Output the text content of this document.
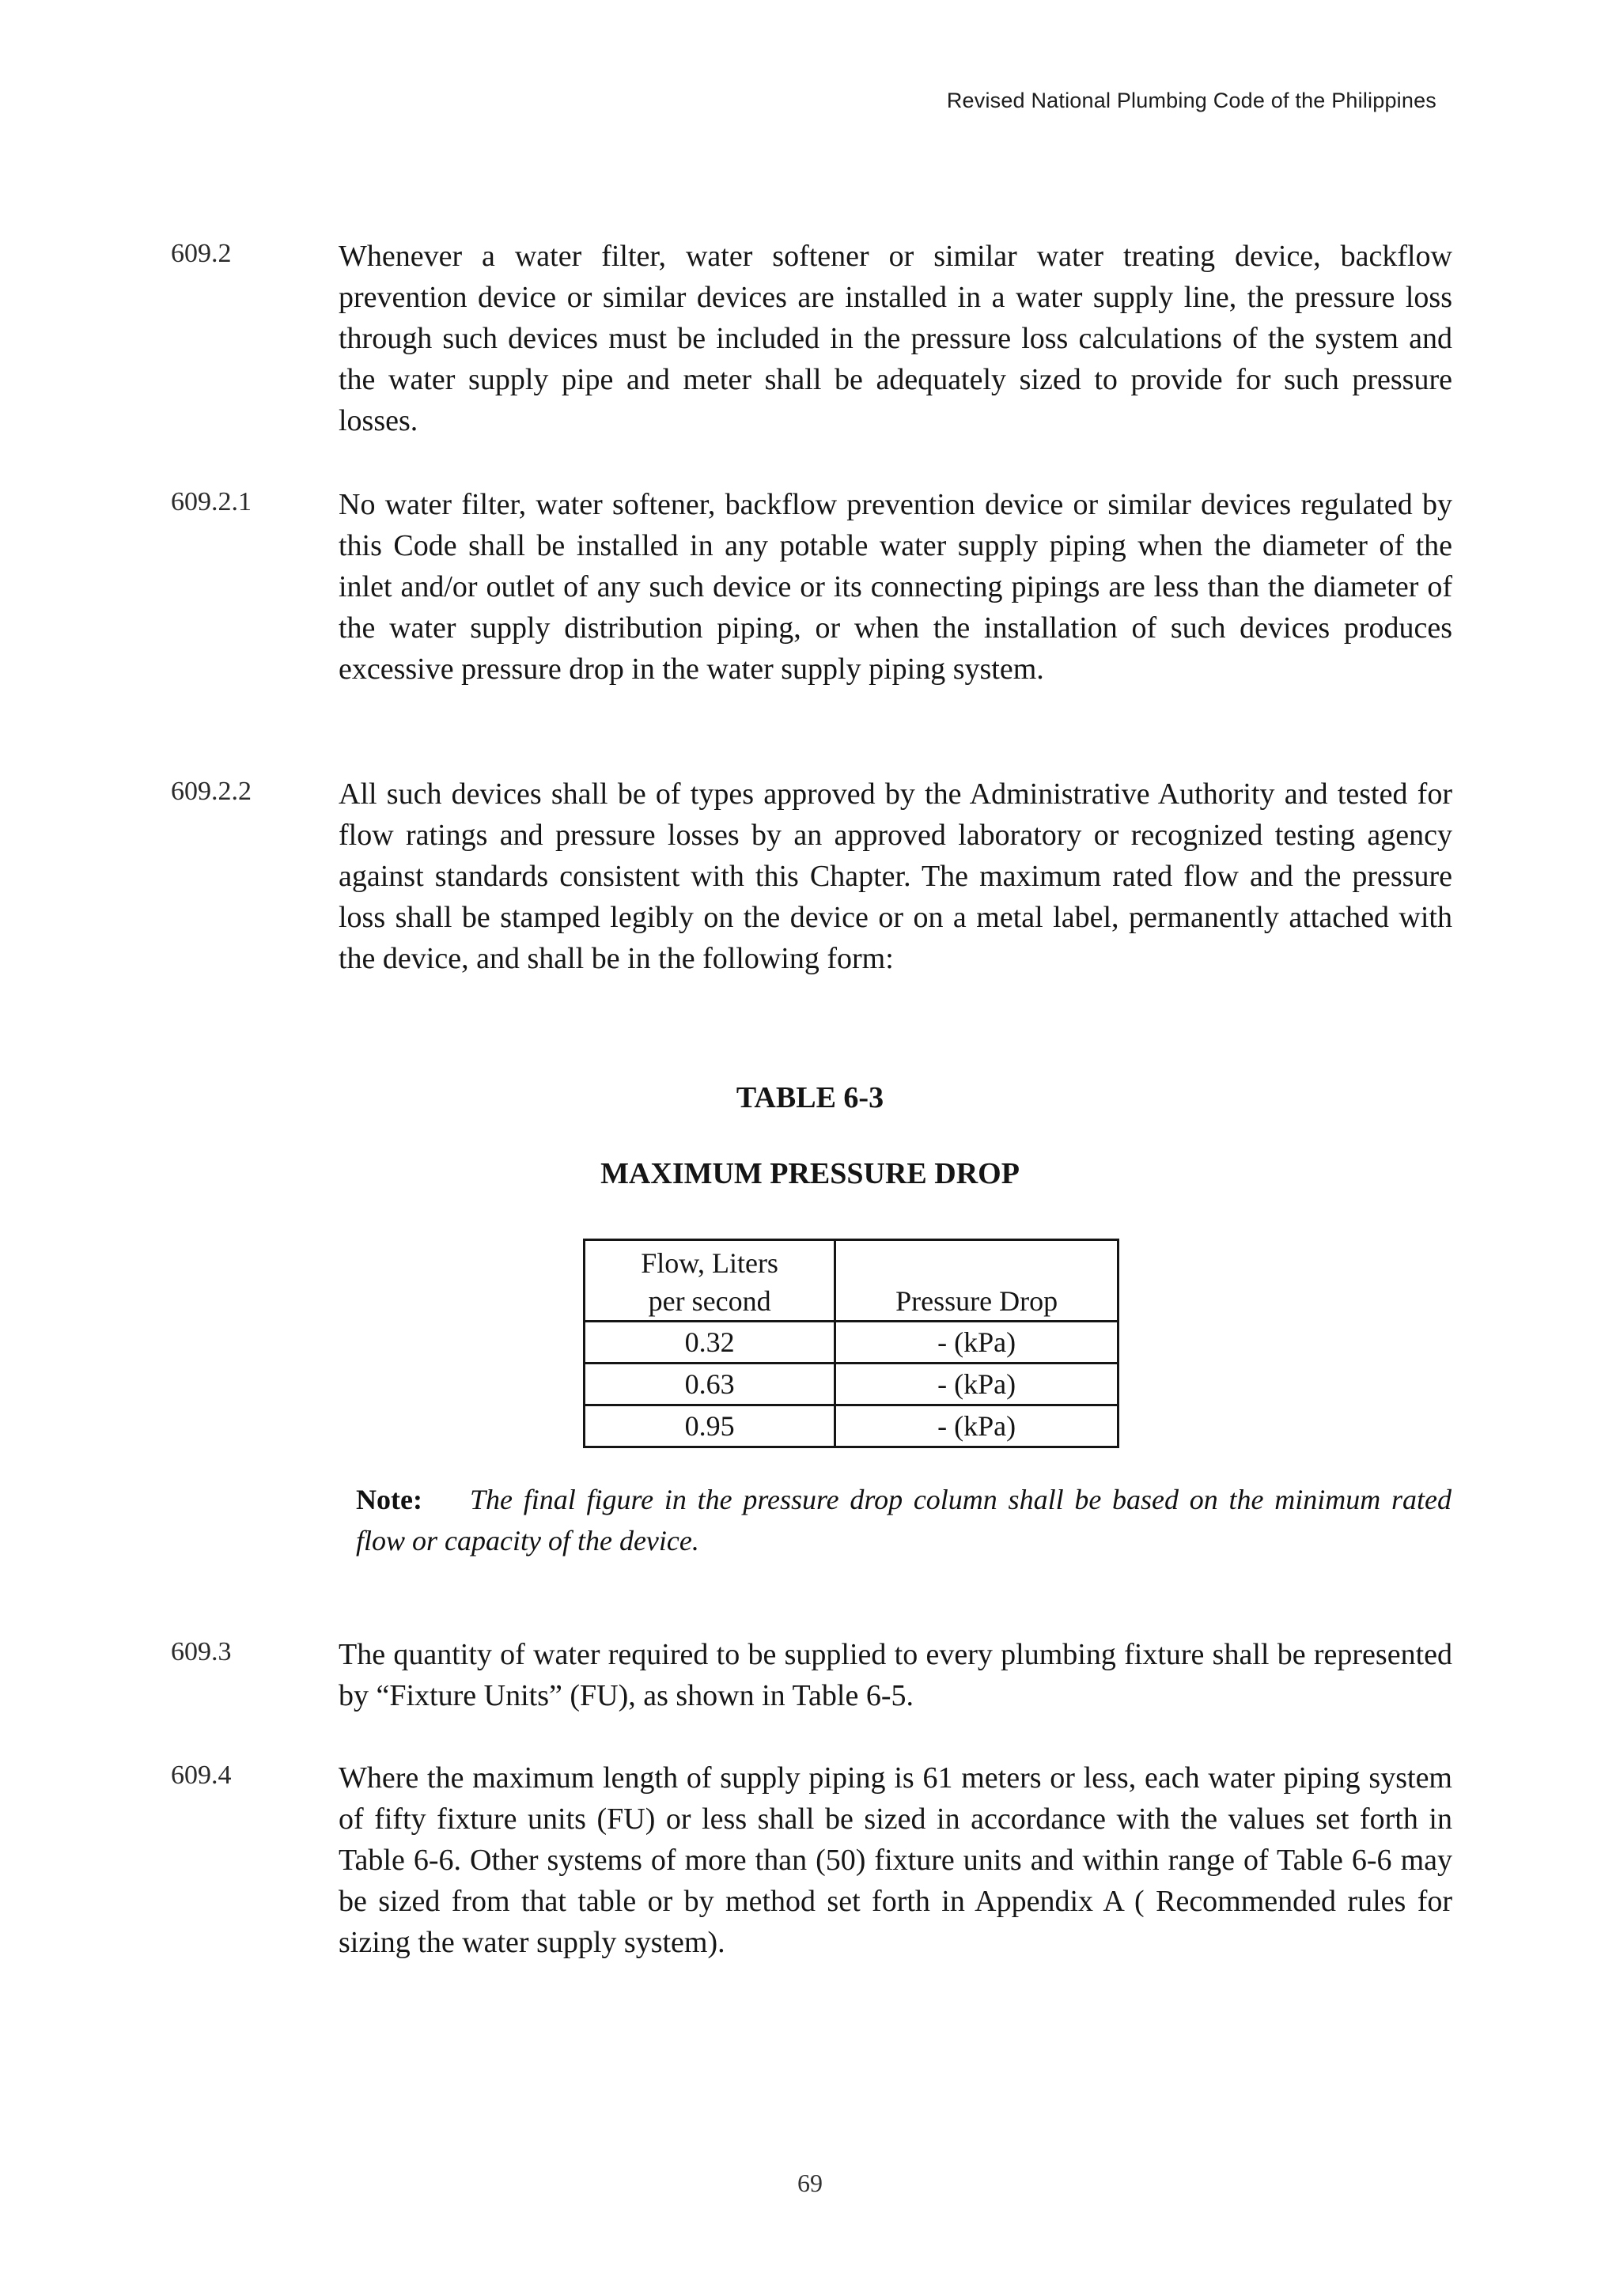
Revised National Plumbing Code of the Philippines
609.2	Whenever a water filter, water softener or similar water treating device, backflow prevention device or similar devices are installed in a water supply line, the pressure loss through such devices must be included in the pressure loss calculations of the system and the water supply pipe and meter shall be adequately sized to provide for such pressure losses.
609.2.1	No water filter, water softener, backflow prevention device or similar devices regulated by this Code shall be installed in any potable water supply piping when the diameter of the inlet and/or outlet of any such device or its connecting pipings are less than the diameter of the water supply distribution piping, or when the installation of such devices produces excessive pressure drop in the water supply piping system.
609.2.2	All such devices shall be of types approved by the Administrative Authority and tested for flow ratings and pressure losses by an approved laboratory or recognized testing agency against standards consistent with this Chapter. The maximum rated flow and the pressure loss shall be stamped legibly on the device or on a metal label, permanently attached with the device, and shall be in the following form:
TABLE 6-3
MAXIMUM PRESSURE DROP
Flow, Liters
per second	Pressure Drop
0.32	- (kPa)
0.63	- (kPa)
0.95	- (kPa)
Note: The final figure in the pressure drop column shall be based on the minimum rated flow or capacity of the device.
609.3	The quantity of water required to be supplied to every plumbing fixture shall be represented by “Fixture Units” (FU), as shown in Table 6-5.
609.4	Where the maximum length of supply piping is 61 meters or less, each water piping system of fifty fixture units (FU) or less shall be sized in accordance with the values set forth in Table 6-6. Other systems of more than (50) fixture units and within range of Table 6-6 may be sized from that table or by method set forth in Appendix A ( Recommended rules for sizing the water supply system).
69
